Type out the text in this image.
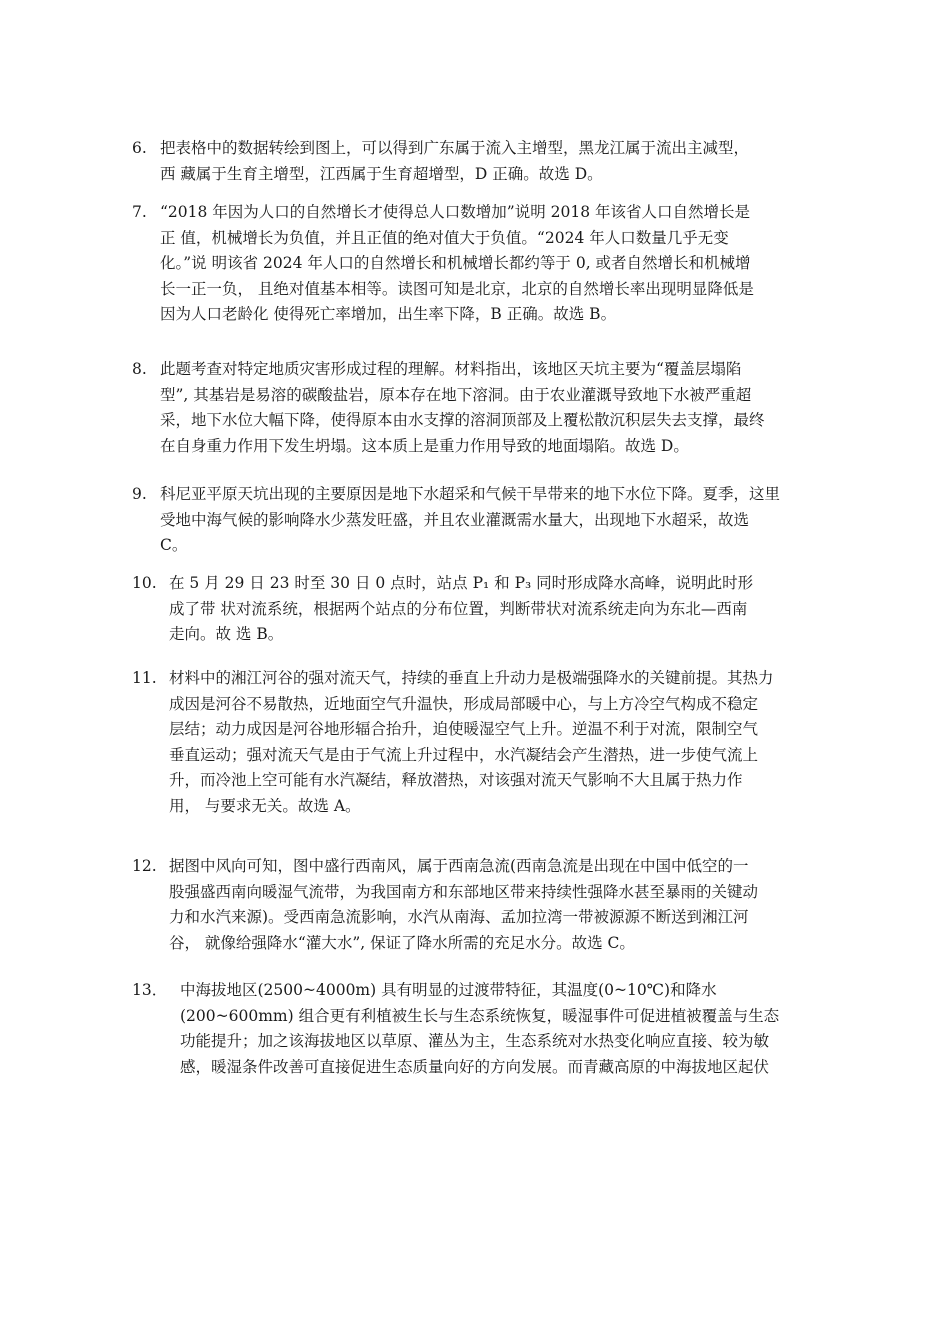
6. 把表格中的数据转绘到图上，可以得到广东属于流入主增型，黑龙江属于流出主减型，
西 藏属于生育主增型，江西属于生育超增型，D 正确。故选 D。
7. “2018 年因为人口的自然增长才使得总人口数增加”说明 2018 年该省人口自然增长是
正 值，机械增长为负值，并且正值的绝对值大于负值。“2024 年人口数量几乎无变
化。”说 明该省 2024 年人口的自然增长和机械增长都约等于 0, 或者自然增长和机械增
长一正一负， 且绝对值基本相等。读图可知是北京，北京的自然增长率出现明显降低是
因为人口老龄化 使得死亡率增加，出生率下降，B 正确。故选 B。
8. 此题考查对特定地质灾害形成过程的理解。材料指出，该地区天坑主要为“覆盖层塌陷
型”, 其基岩是易溶的碳酸盐岩，原本存在地下溶洞。由于农业灌溉导致地下水被严重超
采，地下水位大幅下降，使得原本由水支撑的溶洞顶部及上覆松散沉积层失去支撑，最终
在自身重力作用下发生坍塌。这本质上是重力作用导致的地面塌陷。故选 D。
9. 科尼亚平原天坑出现的主要原因是地下水超采和气候干旱带来的地下水位下降。夏季，这里
受地中海气候的影响降水少蒸发旺盛，并且农业灌溉需水量大，出现地下水超采，故选
C。
10. 在 5 月 29 日 23 时至 30 日 0 点时，站点 P₁ 和 P₃ 同时形成降水高峰，说明此时形
成了带 状对流系统，根据两个站点的分布位置，判断带状对流系统走向为东北—西南
走向。故 选 B。
11. 材料中的湘江河谷的强对流天气，持续的垂直上升动力是极端强降水的关键前提。其热力
成因是河谷不易散热，近地面空气升温快，形成局部暖中心，与上方冷空气构成不稳定
层结；动力成因是河谷地形辐合抬升，迫使暖湿空气上升。逆温不利于对流，限制空气
垂直运动；强对流天气是由于气流上升过程中，水汽凝结会产生潜热，进一步使气流上
升，而冷池上空可能有水汽凝结，释放潜热，对该强对流天气影响不大且属于热力作
用， 与要求无关。故选 A。
12. 据图中风向可知，图中盛行西南风，属于西南急流(西南急流是出现在中国中低空的一
股强盛西南向暖湿气流带，为我国南方和东部地区带来持续性强降水甚至暴雨的关键动
力和水汽来源)。受西南急流影响，水汽从南海、孟加拉湾一带被源源不断送到湘江河
谷， 就像给强降水“灌大水”, 保证了降水所需的充足水分。故选 C。
13． 中海拔地区(2500~4000m) 具有明显的过渡带特征，其温度(0~10℃)和降水
(200~600mm) 组合更有利植被生长与生态系统恢复，暖湿事件可促进植被覆盖与生态
功能提升；加之该海拔地区以草原、灌丛为主，生态系统对水热变化响应直接、较为敏
感，暖湿条件改善可直接促进生态质量向好的方向发展。而青藏高原的中海拔地区起伏
